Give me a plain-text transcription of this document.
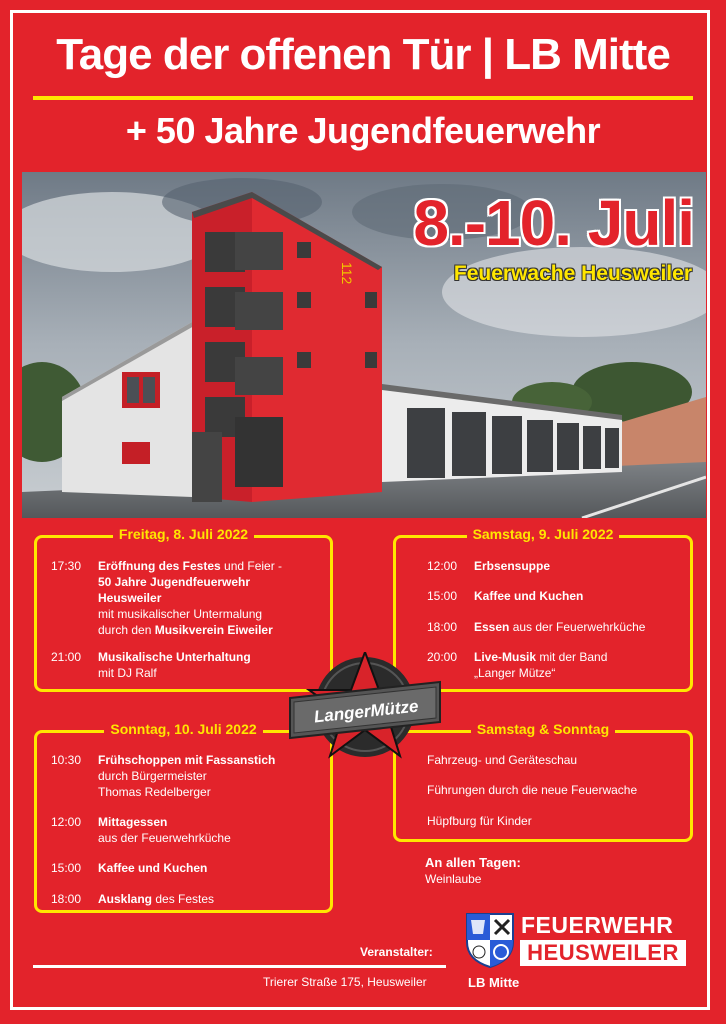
Tage der offenen Tür | LB Mitte
+ 50 Jahre Jugendfeuerwehr
112
8.-10. Juli
Feuerwache Heusweiler
Freitag, 8. Juli 2022
17:30	Eröffnung des Festes und Feier -
50 Jahre Jugendfeuerwehr
Heusweiler
mit musikalischer Untermalung
durch den Musikverein Eiweiler
21:00	Musikalische Unterhaltung
mit DJ Ralf
Samstag, 9. Juli 2022
12:00	Erbsensuppe
15:00	Kaffee und Kuchen
18:00	Essen aus der Feuerwehrküche
20:00	Live-Musik mit der Band
„Langer Mütze“
Sonntag, 10. Juli 2022
10:30	Frühschoppen mit Fassanstich
durch Bürgermeister
Thomas Redelberger
12:00	Mittagessen
aus der Feuerwehrküche
15:00	Kaffee und Kuchen
18:00	Ausklang des Festes
Samstag & Sonntag
Fahrzeug- und Geräteschau
Führungen durch die neue Feuerwache
Hüpfburg für Kinder
LangerMütze
An allen Tagen:
Weinlaube
FEUERWEHR
HEUSWEILER
LB Mitte
Veranstalter:
Trierer Straße 175, Heusweiler
